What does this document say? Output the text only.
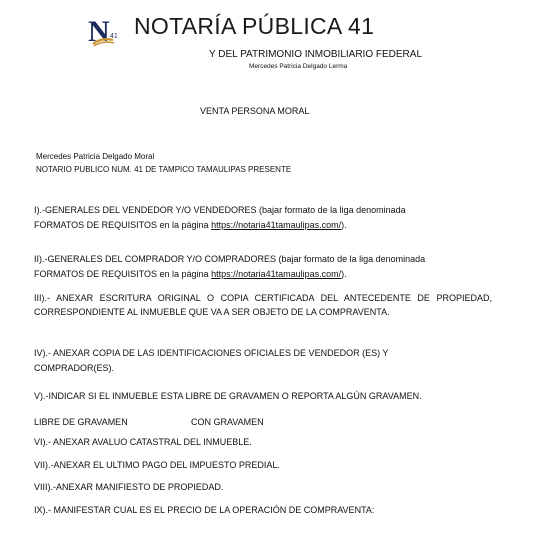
N 41 NOTARÍA PÚBLICA 41
Y DEL PATRIMONIO INMOBILIARIO FEDERAL
Mercedes Patricia Delgado Lerma
VENTA PERSONA MORAL
Mercedes Patricia Delgado Moral
NOTARIO PUBLICO NUM. 41 DE TAMPICO TAMAULIPAS PRESENTE
I).-GENERALES DEL VENDEDOR Y/O VENDEDORES (bajar formato de la liga denominada
FORMATOS DE REQUISITOS en la página https://notaria41tamaulipas.com/).
II).-GENERALES DEL COMPRADOR Y/O COMPRADORES (bajar formato de la liga denominada
FORMATOS DE REQUISITOS en la página https://notaria41tamaulipas.com/).
III).- ANEXAR ESCRITURA ORIGINAL O COPIA CERTIFICADA DEL ANTECEDENTE DE PROPIEDAD, CORRESPONDIENTE AL INMUEBLE QUE VA A SER OBJETO DE LA COMPRAVENTA.
IV).- ANEXAR COPIA DE LAS IDENTIFICACIONES OFICIALES DE VENDEDOR (ES) Y
COMPRADOR(ES).
V).-INDICAR SI EL INMUEBLE ESTA LIBRE DE GRAVAMEN O REPORTA ALGÚN GRAVAMEN.
LIBRE DE GRAVAMEN	CON GRAVAMEN
VI).- ANEXAR AVALUO CATASTRAL DEL INMUEBLE.
VII).-ANEXAR EL ULTIMO PAGO DEL IMPUESTO PREDIAL.
VIII).-ANEXAR MANIFIESTO DE PROPIEDAD.
IX).- MANIFESTAR CUAL ES EL PRECIO DE LA OPERACIÓN DE COMPRAVENTA:
